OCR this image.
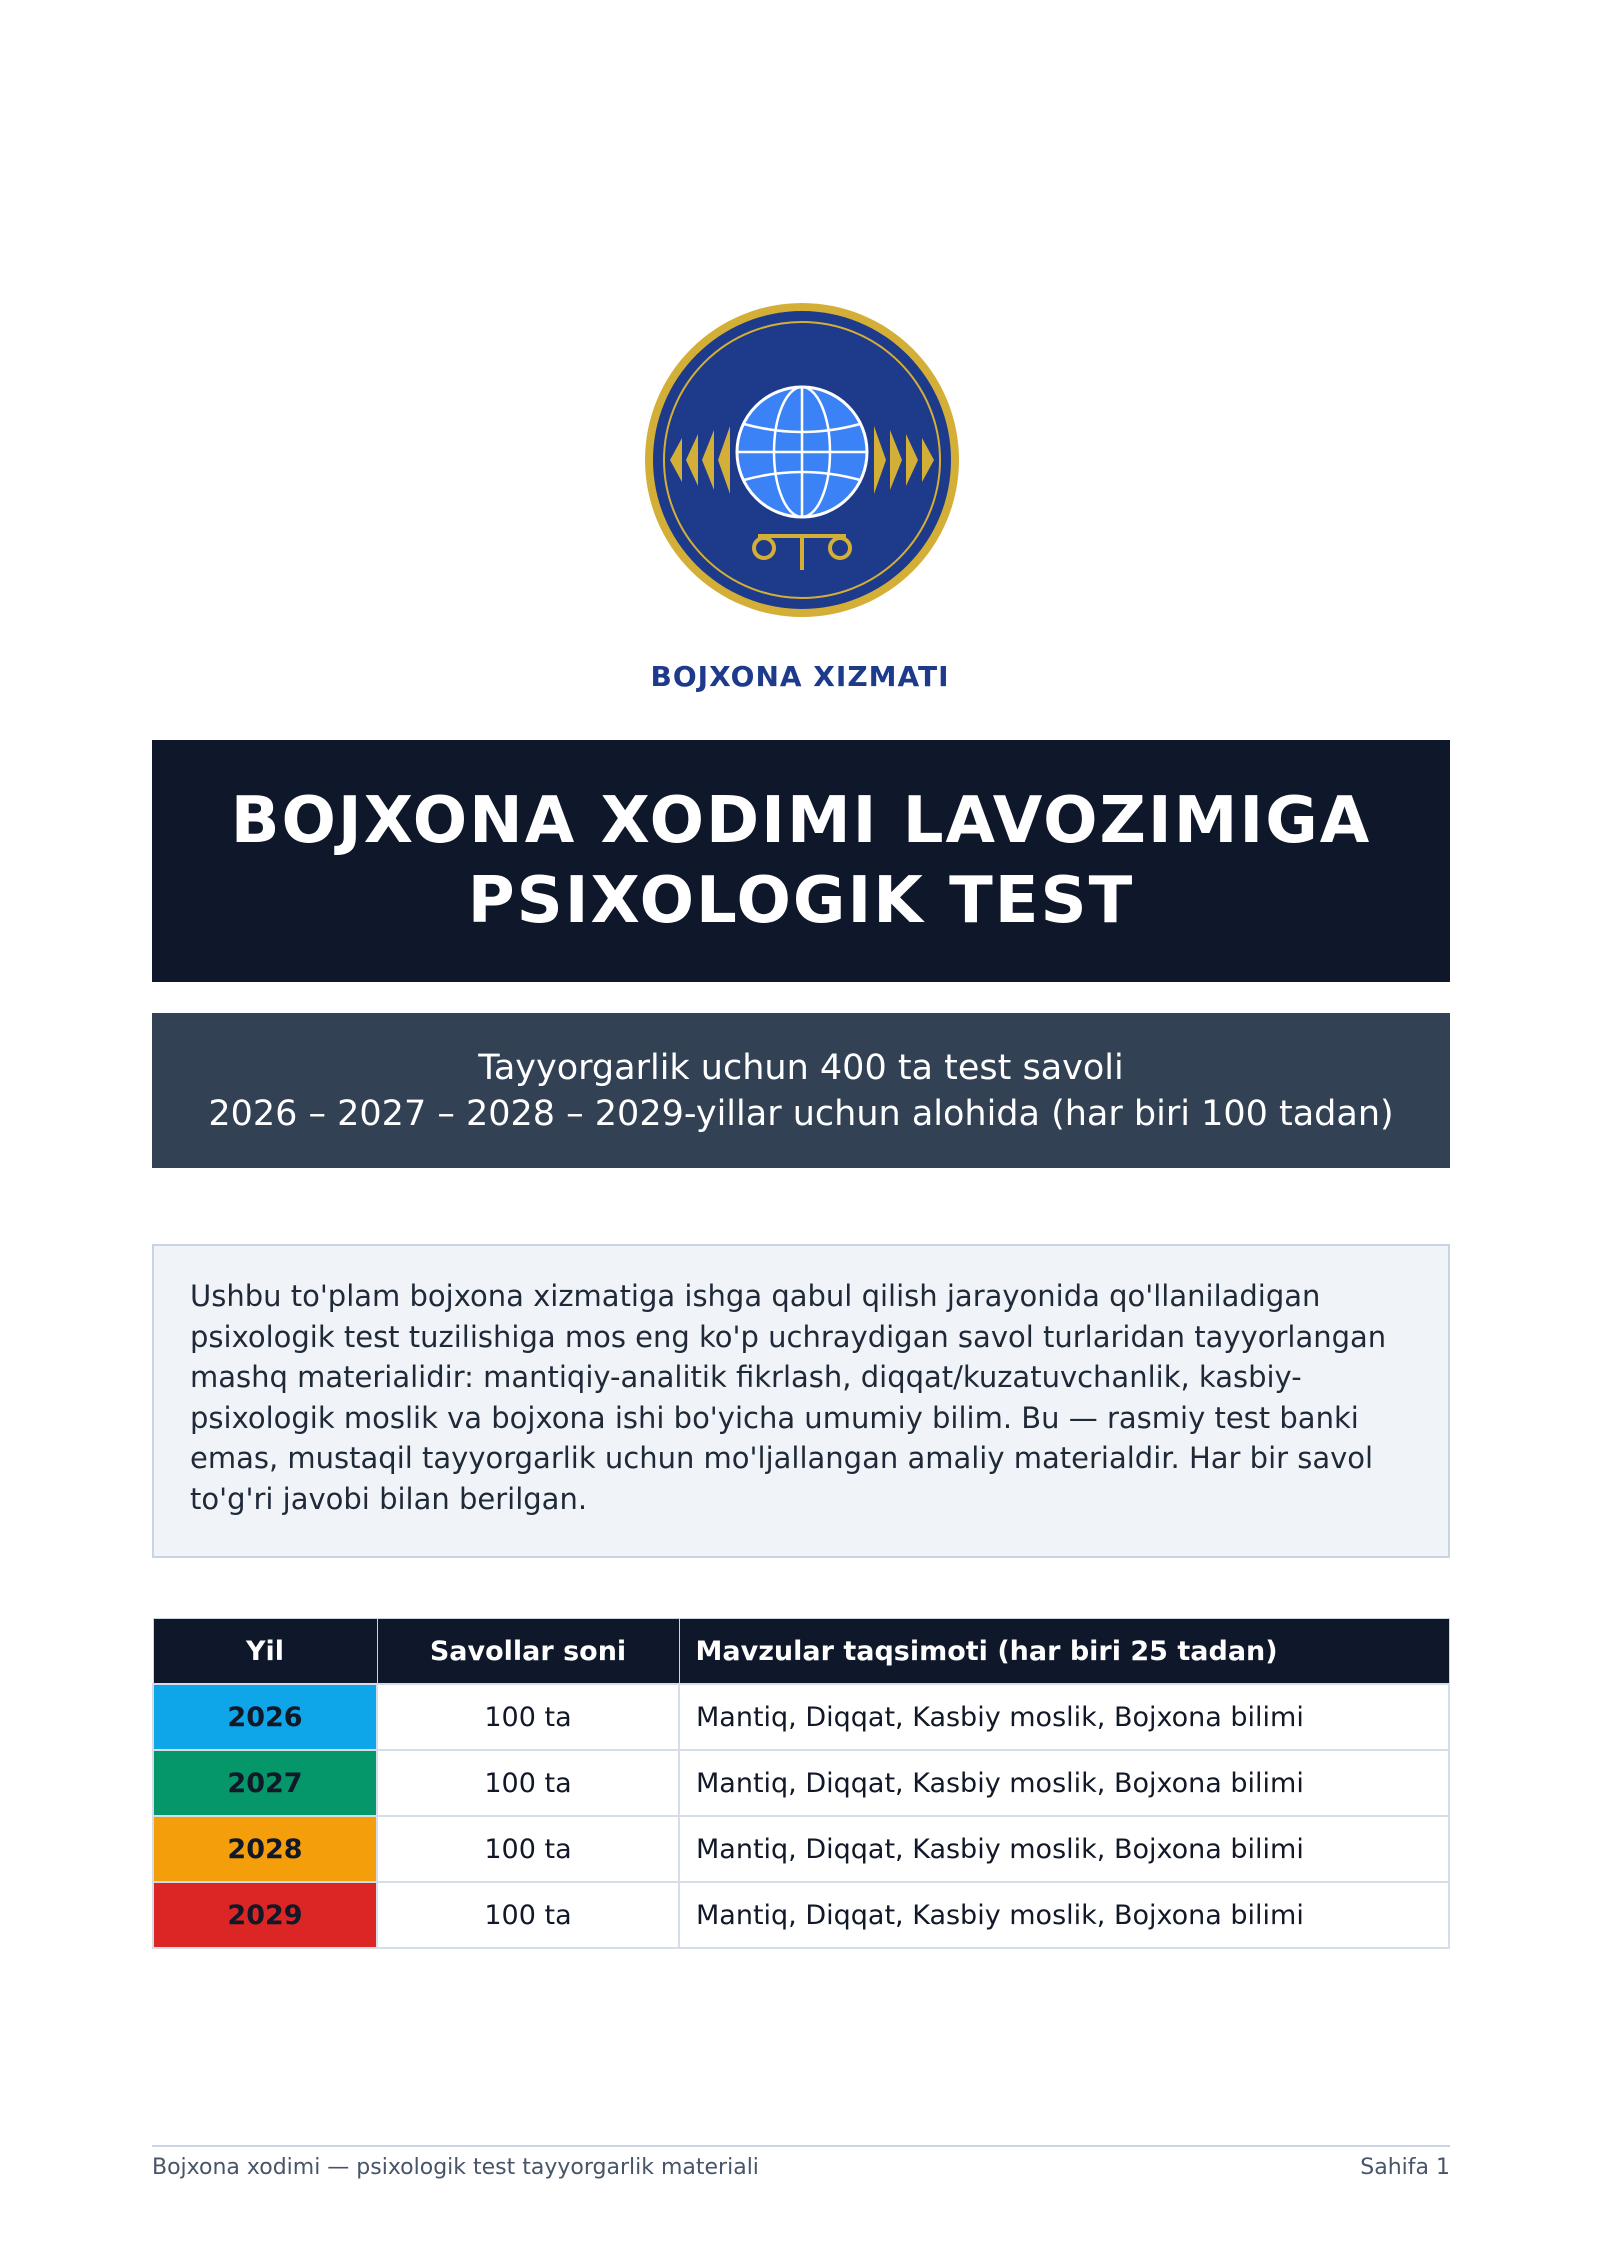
BOJXONA XIZMATI
BOJXONA XODIMI LAVOZIMIGA
PSIXOLOGIK TEST
Tayyorgarlik uchun 400 ta test savoli
2026 – 2027 – 2028 – 2029-yillar uchun alohida (har biri 100 tadan)
Ushbu to'plam bojxona xizmatiga ishga qabul qilish jarayonida qo'llaniladigan psixologik test tuzilishiga mos eng ko'p uchraydigan savol turlaridan tayyorlangan mashq materialidir: mantiqiy-analitik fikrlash, diqqat/kuzatuvchanlik, kasbiy-psixologik moslik va bojxona ishi bo'yicha umumiy bilim. Bu — rasmiy test banki emas, mustaqil tayyorgarlik uchun mo'ljallangan amaliy materialdir. Har bir savol to'g'ri javobi bilan berilgan.
Yil	Savollar soni	Mavzular taqsimoti (har biri 25 tadan)
2026	100 ta	Mantiq, Diqqat, Kasbiy moslik, Bojxona bilimi
2027	100 ta	Mantiq, Diqqat, Kasbiy moslik, Bojxona bilimi
2028	100 ta	Mantiq, Diqqat, Kasbiy moslik, Bojxona bilimi
2029	100 ta	Mantiq, Diqqat, Kasbiy moslik, Bojxona bilimi
Bojxona xodimi — psixologik test tayyorgarlik materiali	Sahifa 1
